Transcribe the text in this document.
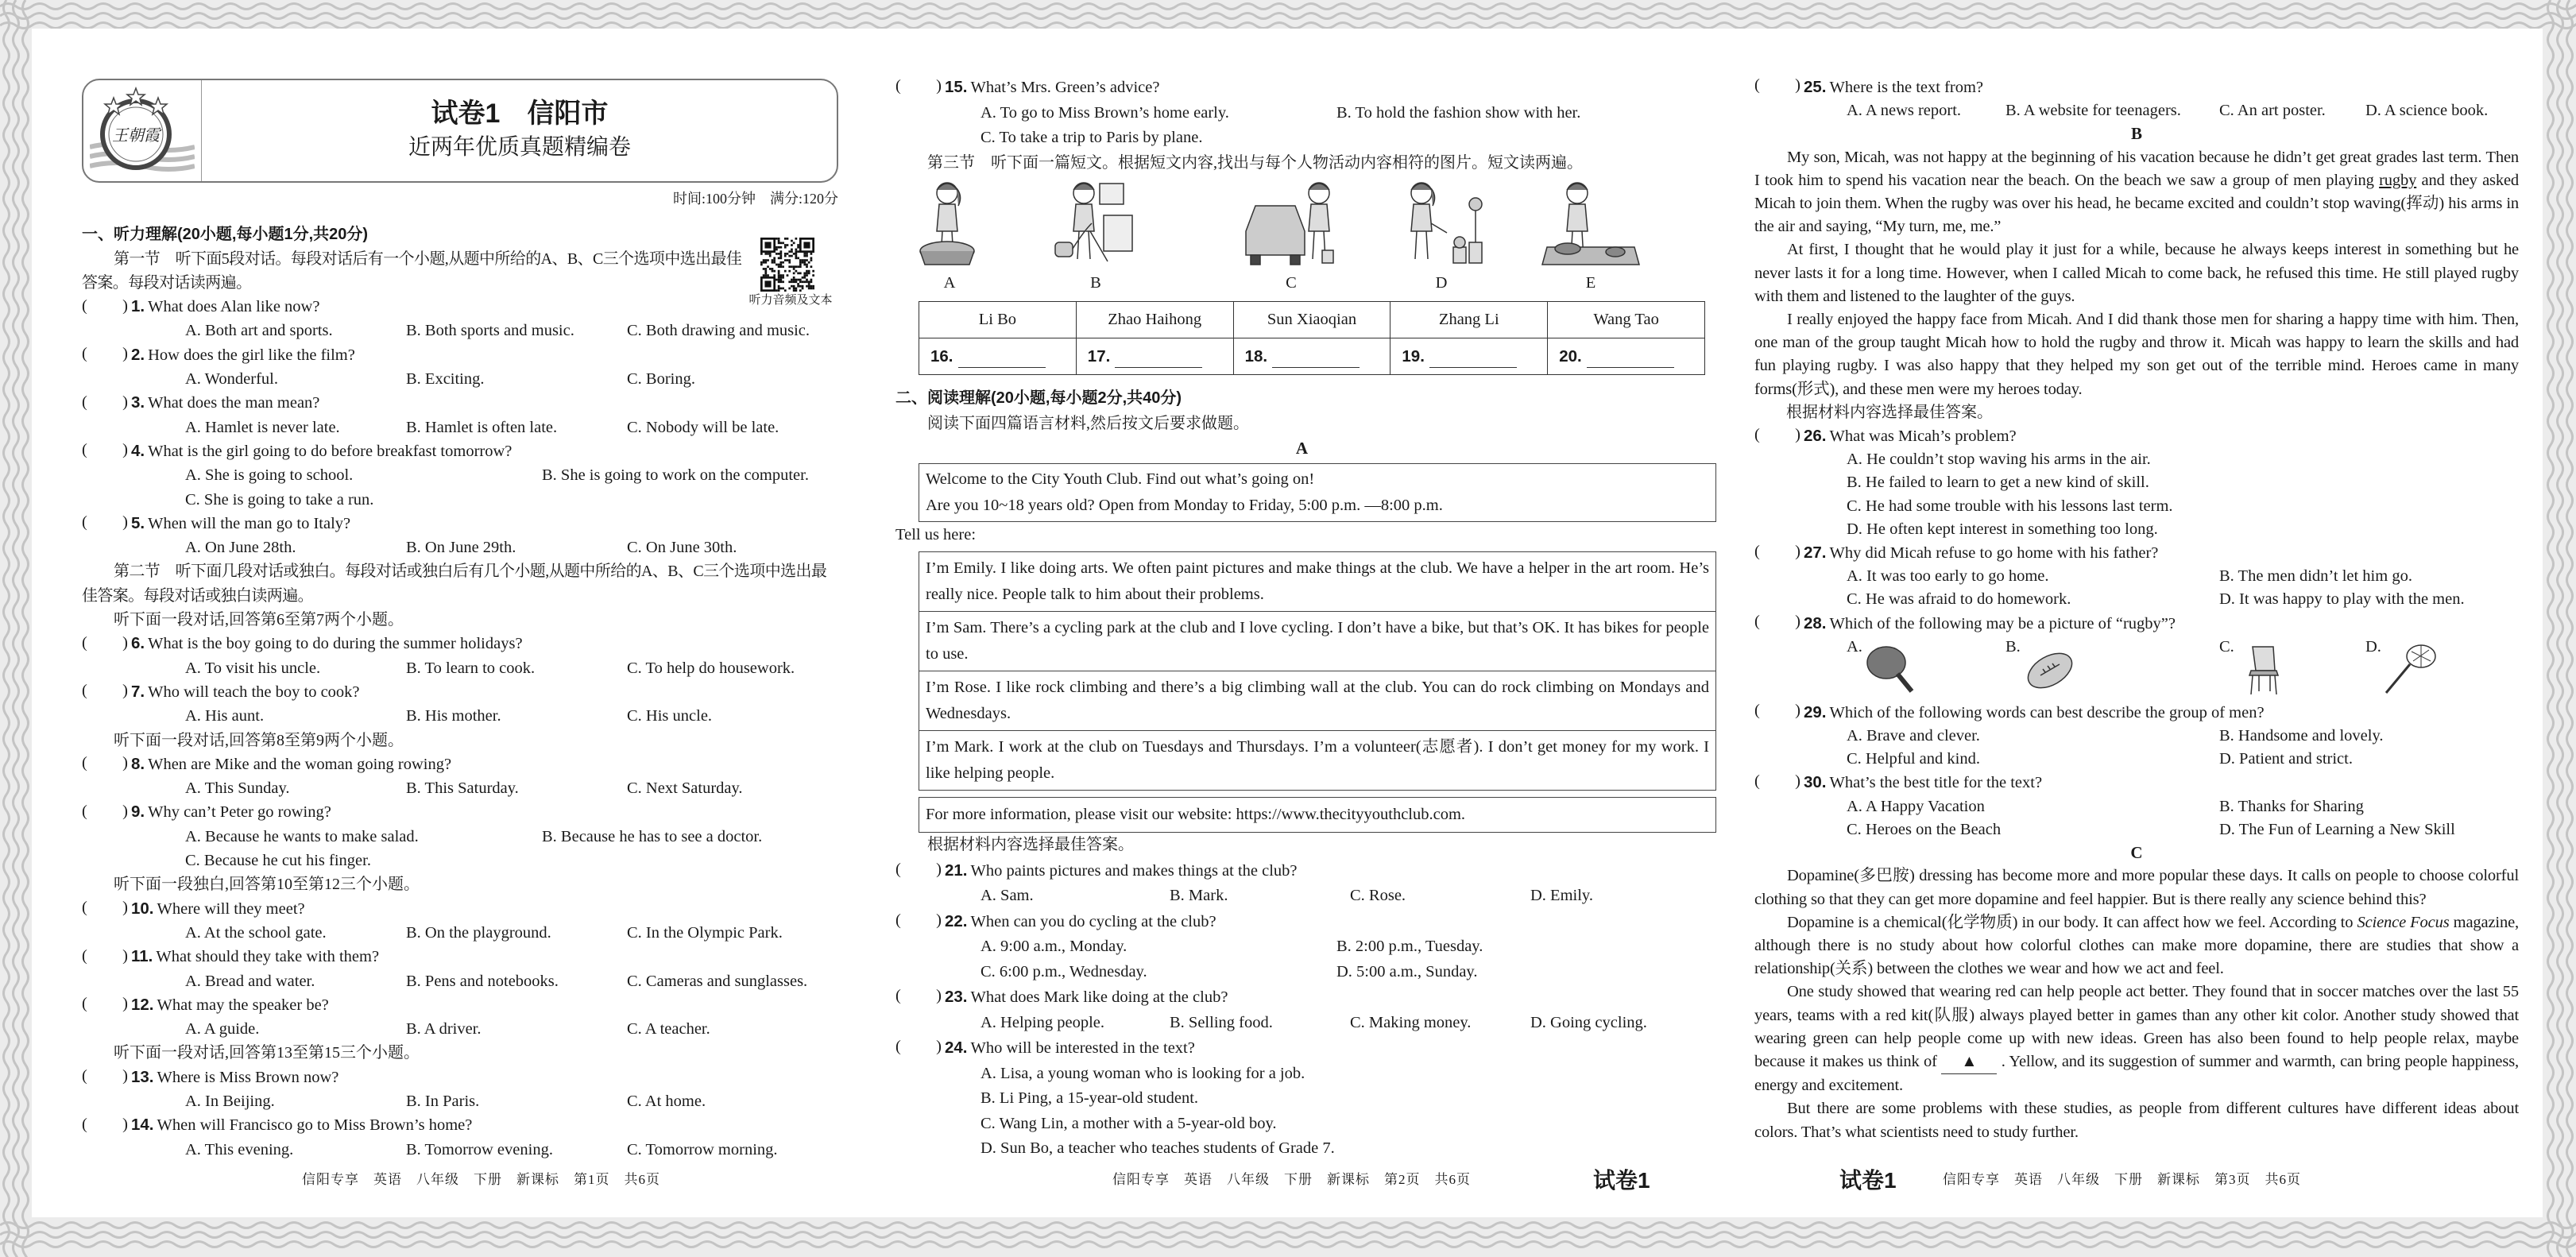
王朝霞
试卷1　信阳市
近两年优质真题精编卷
时间:100分钟　满分:120分
听力音频及文本
一、听力理解(20小题,每小题1分,共20分)
第一节　听下面5段对话。每段对话后有一个小题,从题中所给的A、B、C三个选项中选出最佳答案。每段对话读两遍。
( )1. What does Alan like now?
A. Both art and sports.	B. Both sports and music.	C. Both drawing and music.
( )2. How does the girl like the film?
A. Wonderful.	B. Exciting.	C. Boring.
( )3. What does the man mean?
A. Hamlet is never late.	B. Hamlet is often late.	C. Nobody will be late.
( )4. What is the girl going to do before breakfast tomorrow?
A. She is going to school.	B. She is going to work on the computer.
C. She is going to take a run.
( )5. When will the man go to Italy?
A. On June 28th.	B. On June 29th.	C. On June 30th.
第二节　听下面几段对话或独白。每段对话或独白后有几个小题,从题中所给的A、B、C三个选项中选出最佳答案。每段对话或独白读两遍。
听下面一段对话,回答第6至第7两个小题。
( )6. What is the boy going to do during the summer holidays?
A. To visit his uncle.	B. To learn to cook.	C. To help do housework.
( )7. Who will teach the boy to cook?
A. His aunt.	B. His mother.	C. His uncle.
听下面一段对话,回答第8至第9两个小题。
( )8. When are Mike and the woman going rowing?
A. This Sunday.	B. This Saturday.	C. Next Saturday.
( )9. Why can’t Peter go rowing?
A. Because he wants to make salad.	B. Because he has to see a doctor.
C. Because he cut his finger.
听下面一段独白,回答第10至第12三个小题。
( )10. Where will they meet?
A. At the school gate.	B. On the playground.	C. In the Olympic Park.
( )11. What should they take with them?
A. Bread and water.	B. Pens and notebooks.	C. Cameras and sunglasses.
( )12. What may the speaker be?
A. A guide.	B. A driver.	C. A teacher.
听下面一段对话,回答第13至第15三个小题。
( )13. Where is Miss Brown now?
A. In Beijing.	B. In Paris.	C. At home.
( )14. When will Francisco go to Miss Brown’s home?
A. This evening.	B. Tomorrow evening.	C. Tomorrow morning.
( )15. What’s Mrs. Green’s advice?
A. To go to Miss Brown’s home early.	B. To hold the fashion show with her.
C. To take a trip to Paris by plane.
第三节　听下面一篇短文。根据短文内容,找出与每个人物活动内容相符的图片。短文读两遍。
A	B	C	D	E
Li Bo	Zhao Haihong	Sun Xiaoqian	Zhang Li	Wang Tao
16.	17.	18.	19.	20.
二、阅读理解(20小题,每小题2分,共40分)
阅读下面四篇语言材料,然后按文后要求做题。
A
Welcome to the City Youth Club. Find out what’s going on!
Are you 10~18 years old? Open from Monday to Friday, 5:00 p.m. —8:00 p.m.
Tell us here:
I’m Emily. I like doing arts. We often paint pictures and make things at the club. We have a helper in the art room. He’s really nice. People talk to him about their problems.
I’m Sam. There’s a cycling park at the club and I love cycling. I don’t have a bike, but that’s OK. It has bikes for people to use.
I’m Rose. I like rock climbing and there’s a big climbing wall at the club. You can do rock climbing on Mondays and Wednesdays.
I’m Mark. I work at the club on Tuesdays and Thursdays. I’m a volunteer(志愿者). I don’t get money for my work. I like helping people.
For more information, please visit our website: https://www.thecityyouthclub.com.
根据材料内容选择最佳答案。
( )21. Who paints pictures and makes things at the club?
A. Sam.	B. Mark.	C. Rose.	D. Emily.
( )22. When can you do cycling at the club?
A. 9:00 a.m., Monday.	B. 2:00 p.m., Tuesday.
C. 6:00 p.m., Wednesday.	D. 5:00 a.m., Sunday.
( )23. What does Mark like doing at the club?
A. Helping people.	B. Selling food.	C. Making money.	D. Going cycling.
( )24. Who will be interested in the text?
A. Lisa, a young woman who is looking for a job.
B. Li Ping, a 15-year-old student.
C. Wang Lin, a mother with a 5-year-old boy.
D. Sun Bo, a teacher who teaches students of Grade 7.
( )25. Where is the text from?
A. A news report.	B. A website for teenagers.	C. An art poster.	D. A science book.
B

My son, Micah, was not happy at the beginning of his vacation because he didn’t get great grades last term. Then I took him to spend his vacation near the beach. On the beach we saw a group of men playing rugby and they asked Micah to join them. When the rugby was over his head, he became excited and couldn’t stop waving(挥动) his arms in the air and saying, “My turn, me, me.”

At first, I thought that he would play it just for a while, because he always keeps interest in something but he never lasts it for a long time. However, when I called Micah to come back, he refused this time. He still played rugby with them and listened to the laughter of the guys.

I really enjoyed the happy face from Micah. And I did thank those men for sharing a happy time with him. Then, one man of the group taught Micah how to hold the rugby and throw it. Micah was happy to learn the skills and had fun playing rugby. I was also happy that they helped my son get out of the terrible mind. Heroes came in many forms(形式), and these men were my heroes today.

根据材料内容选择最佳答案。
( )26. What was Micah’s problem?
A. He couldn’t stop waving his arms in the air.
B. He failed to learn to get a new kind of skill.
C. He had some trouble with his lessons last term.
D. He often kept interest in something too long.
( )27. Why did Micah refuse to go home with his father?
A. It was too early to go home.	B. The men didn’t let him go.
C. He was afraid to do homework.	D. It was happy to play with the men.
( )28. Which of the following may be a picture of “rugby”?
A.	B.	C.	D.
( )29. Which of the following words can best describe the group of men?
A. Brave and clever.	B. Handsome and lovely.
C. Helpful and kind.	D. Patient and strict.
( )30. What’s the best title for the text?
A. A Happy Vacation	B. Thanks for Sharing
C. Heroes on the Beach	D. The Fun of Learning a New Skill
C

Dopamine(多巴胺) dressing has become more and more popular these days. It calls on people to choose colorful clothing so that they can get more dopamine and feel happier. But is there really any science behind this?

Dopamine is a chemical(化学物质) in our body. It can affect how we feel. According to Science Focus magazine, although there is no study about how colorful clothes can make more dopamine, there are studies that show a relationship(关系) between the clothes we wear and how we act and feel.

One study showed that wearing red can help people act better. They found that in soccer matches over the last 55 years, teams with a red kit(队服) always played better in games than any other kit color. Another study showed that wearing green can help people come up with new ideas. Green has also been found to help people relax, maybe because it makes us think of ▲ . Yellow, and its suggestion of summer and warmth, can bring people happiness, energy and excitement.

But there are some problems with these studies, as people from different cultures have different ideas about colors. That’s what scientists need to study further.

信阳专享　英语　八年级　下册　新课标　第1页　共6页	信阳专享　英语　八年级　下册　新课标　第2页　共6页	试卷1	试卷1	信阳专享　英语　八年级　下册　新课标　第3页　共6页
